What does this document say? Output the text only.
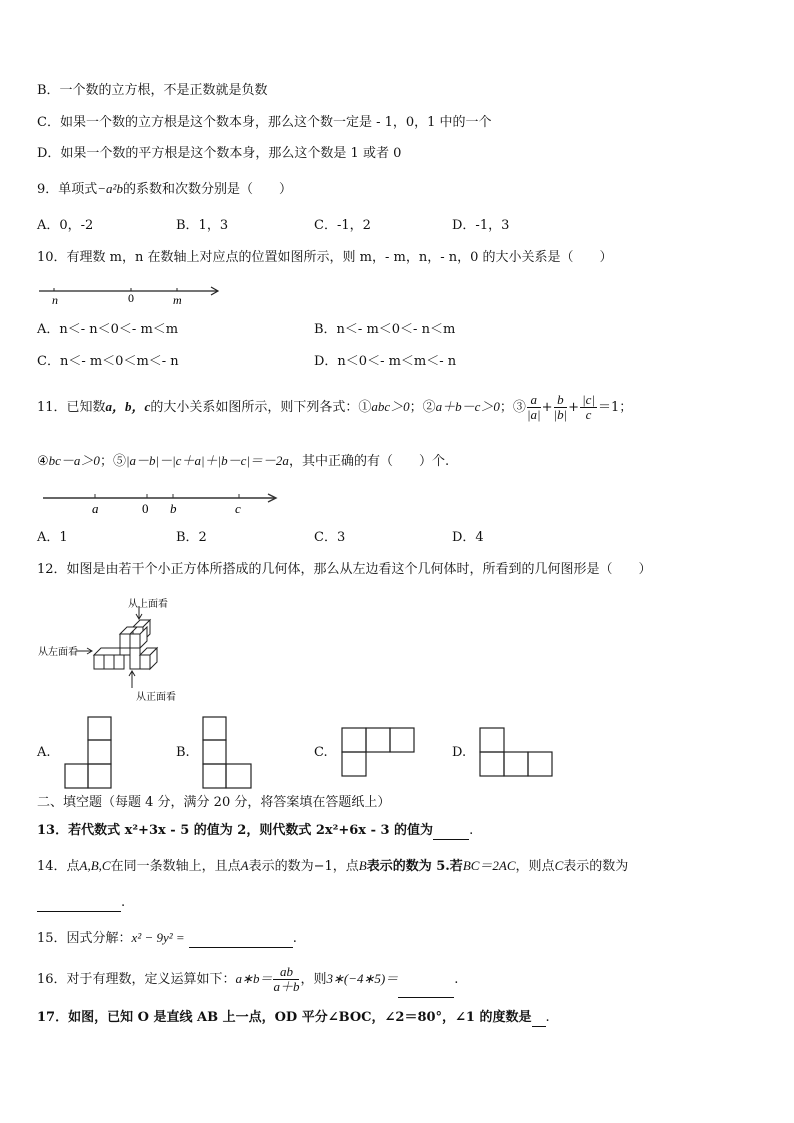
B．一个数的立方根，不是正数就是负数
C．如果一个数的立方根是这个数本身，那么这个数一定是 - 1，0，1 中的一个
D．如果一个数的平方根是这个数本身，那么这个数是 1 或者 0
9．单项式−a²b的系数和次数分别是（　　）
A．0，-2	B．1，3	C．-1，2	D．-1，3
10．有理数 m，n 在数轴上对应点的位置如图所示，则 m，- m，n，- n，0 的大小关系是（　　）
n	0	m
A．n＜- n＜0＜- m＜m	B．n＜- m＜0＜- n＜m
C．n＜- m＜0＜m＜- n	D．n＜0＜- m＜m＜- n
11．已知数a，b，c的大小关系如图所示，则下列各式：①abc＞0；②a＋b－c＞0；③ $\frac{a}{|a|} + \frac{b}{|b|} + \frac{|c|}{c} =1$；
④bc－a＞0；⑤|a－b|－|c＋a|＋|b－c|＝－2a，其中正确的有（　　）个.
a	0 b	c
A．1	B．2	C．3	D．4
12．如图是由若干个小正方体所搭成的几何体，那么从左边看这个几何体时，所看到的几何图形是（　　）
从上面看
从左面看
从正面看
A.	B.	C.	D.
二、填空题（每题 4 分，满分 20 分，将答案填在答题纸上）
13．若代数式 x²+3x - 5 的值为 2，则代数式 2x²+6x - 3 的值为	.
14．点A,B,C在同一条数轴上，且点A表示的数为−1，点B表示的数为 5.若BC＝2AC，则点C表示的数为
.
15．因式分解：x² − 9y² =	.
16．对于有理数，定义运算如下：a∗b＝ $\frac{ab}{a+b}$ ，则3∗(−4∗5)＝	.
17．如图，已知 O 是直线 AB 上一点，OD 平分∠BOC，∠2＝80°，∠1 的度数是 .
